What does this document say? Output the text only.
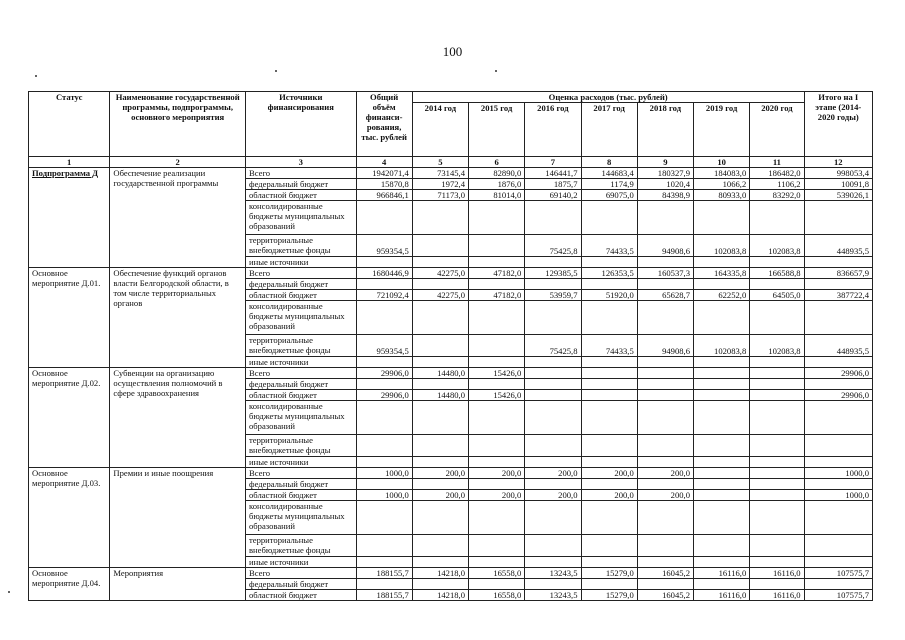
100
Статус	Наименование государственной программы, подпрограммы, основного мероприятия	Источники финансирования	Общий объём финанси-рования, тыс. рублей	Оценка расходов (тыс. рублей)							Итого на I этапе (2014-2020 годы)
				2014 год	2015 год	2016 год	2017 год	2018 год	2019 год	2020 год	
1	2	3	4	5	6	7	8	9	10	11	12
Подпрограмма Д	Обеспечение реализации государственной программы	Всего	1942071,4	73145,4	82890,0	146441,7	144683,4	180327,9	184083,0	186482,0	998053,4
		федеральный бюджет	15870,8	1972,4	1876,0	1875,7	1174,9	1020,4	1066,2	1106,2	10091,8
		областной бюджет	966846,1	71173,0	81014,0	69140,2	69075,0	84398,9	80933,0	83292,0	539026,1
		консолидированные бюджеты муниципальных образований									
		территориальные внебюджетные фонды	959354,5			75425,8	74433,5	94908,6	102083,8	102083,8	448935,5
		иные источники									
Основное мероприятие Д.01.	Обеспечение функций органов власти Белгородской области, в том числе территориальных органов	Всего	1680446,9	42275,0	47182,0	129385,5	126353,5	160537,3	164335,8	166588,8	836657,9
		федеральный бюджет									
		областной бюджет	721092,4	42275,0	47182,0	53959,7	51920,0	65628,7	62252,0	64505,0	387722,4
		консолидированные бюджеты муниципальных образований									
		территориальные внебюджетные фонды	959354,5			75425,8	74433,5	94908,6	102083,8	102083,8	448935,5
		иные источники									
Основное мероприятие Д.02.	Субвенции на организацию осуществления полномочий в сфере здравоохранения	Всего	29906,0	14480,0	15426,0						29906,0
		федеральный бюджет									
		областной бюджет	29906,0	14480,0	15426,0						29906,0
		консолидированные бюджеты муниципальных образований									
		территориальные внебюджетные фонды									
		иные источники									
Основное мероприятие Д.03.	Премии и иные поощрения	Всего	1000,0	200,0	200,0	200,0	200,0	200,0			1000,0
		федеральный бюджет									
		областной бюджет	1000,0	200,0	200,0	200,0	200,0	200,0			1000,0
		консолидированные бюджеты муниципальных образований									
		территориальные внебюджетные фонды									
		иные источники									
Основное мероприятие Д.04.	Мероприятия	Всего	188155,7	14218,0	16558,0	13243,5	15279,0	16045,2	16116,0	16116,0	107575,7
		федеральный бюджет									
		областной бюджет	188155,7	14218,0	16558,0	13243,5	15279,0	16045,2	16116,0	16116,0	107575,7
